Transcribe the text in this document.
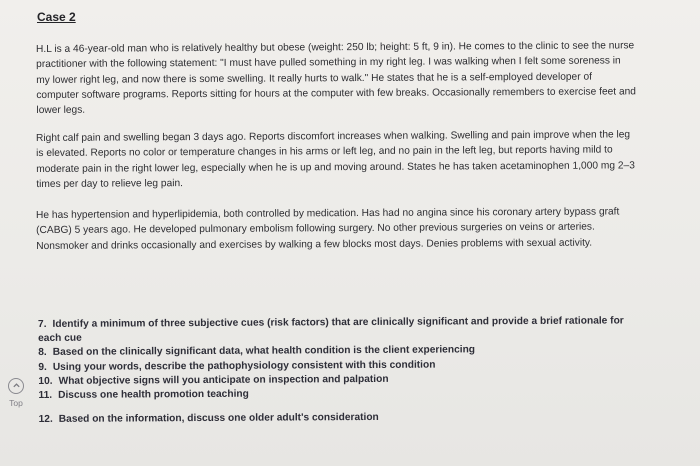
Case 2

H.L is a 46-year-old man who is relatively healthy but obese (weight: 250 lb; height: 5 ft, 9 in). He comes to the clinic to see the nurse practitioner with the following statement: "I must have pulled something in my right leg. I was walking when I felt some soreness in my lower right leg, and now there is some swelling. It really hurts to walk." He states that he is a self-employed developer of computer software programs. Reports sitting for hours at the computer with few breaks. Occasionally remembers to exercise feet and lower legs.

Right calf pain and swelling began 3 days ago. Reports discomfort increases when walking. Swelling and pain improve when the leg is elevated. Reports no color or temperature changes in his arms or left leg, and no pain in the left leg, but reports having mild to moderate pain in the right lower leg, especially when he is up and moving around. States he has taken acetaminophen 1,000 mg 2–3 times per day to relieve leg pain.

He has hypertension and hyperlipidemia, both controlled by medication. Has had no angina since his coronary artery bypass graft (CABG) 5 years ago. He developed pulmonary embolism following surgery. No other previous surgeries on veins or arteries. Nonsmoker and drinks occasionally and exercises by walking a few blocks most days. Denies problems with sexual activity.

7. Identify a minimum of three subjective cues (risk factors) that are clinically significant and provide a brief rationale for each cue
8. Based on the clinically significant data, what health condition is the client experiencing
9. Using your words, describe the pathophysiology consistent with this condition
10. What objective signs will you anticipate on inspection and palpation
11. Discuss one health promotion teaching
12. Based on the information, discuss one older adult's consideration
Top
